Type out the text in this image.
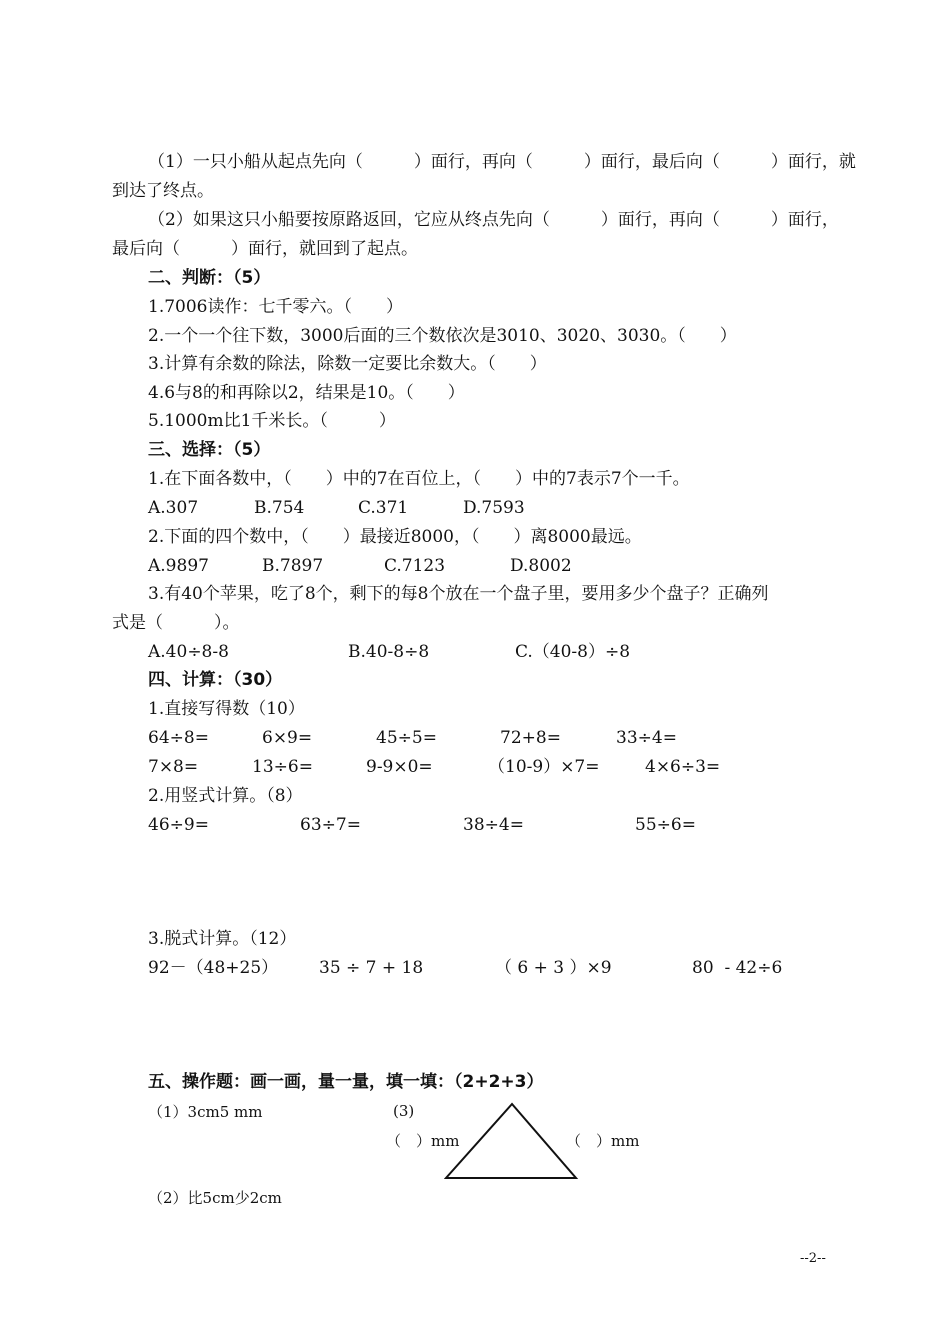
（1）一只小船从起点先向（　　　）面行，再向（　　　）面行，最后向（　　　）面行，就
到达了终点。
（2）如果这只小船要按原路返回，它应从终点先向（　　　）面行，再向（　　　）面行，
最后向（　　　）面行，就回到了起点。
二、判断：（5）
1.7006读作：七千零六。（　　）
2.一个一个往下数，3000后面的三个数依次是3010、3020、3030。（　　）
3.计算有余数的除法，除数一定要比余数大。（　　）
4.6与8的和再除以2，结果是10。（　　）
5.1000m比1千米长。（　　　）
三、选择：（5）
1.在下面各数中，（　　）中的7在百位上，（　　）中的7表示7个一千。
A.307	B.754	C.371	D.7593
2.下面的四个数中，（　　）最接近8000，（　　）离8000最远。
A.9897	B.7897	C.7123	D.8002
3.有40个苹果，吃了8个，剩下的每8个放在一个盘子里，要用多少个盘子？正确列
式是（　　　）。
A.40÷8-8	B.40-8÷8	C.（40-8）÷8
四、计算：（30）
1.直接写得数（10）
64÷8=	6×9=	45÷5=	72+8=	33÷4=
7×8=	13÷6=	9-9×0=	（10-9）×7=	4×6÷3=
2.用竖式计算。（8）
46÷9=	63÷7=	38÷4=	55÷6=
3.脱式计算。（12）
92－（48+25） 35 ÷ 7 + 18	（ 6 + 3 ）×9	80  - 42÷6
五、操作题：画一画，量一量，填一填：（2+2+3）
（1）3cm5 mm	(3)
（　）mm	（　）mm
（2）比5cm少2cm
--2--
